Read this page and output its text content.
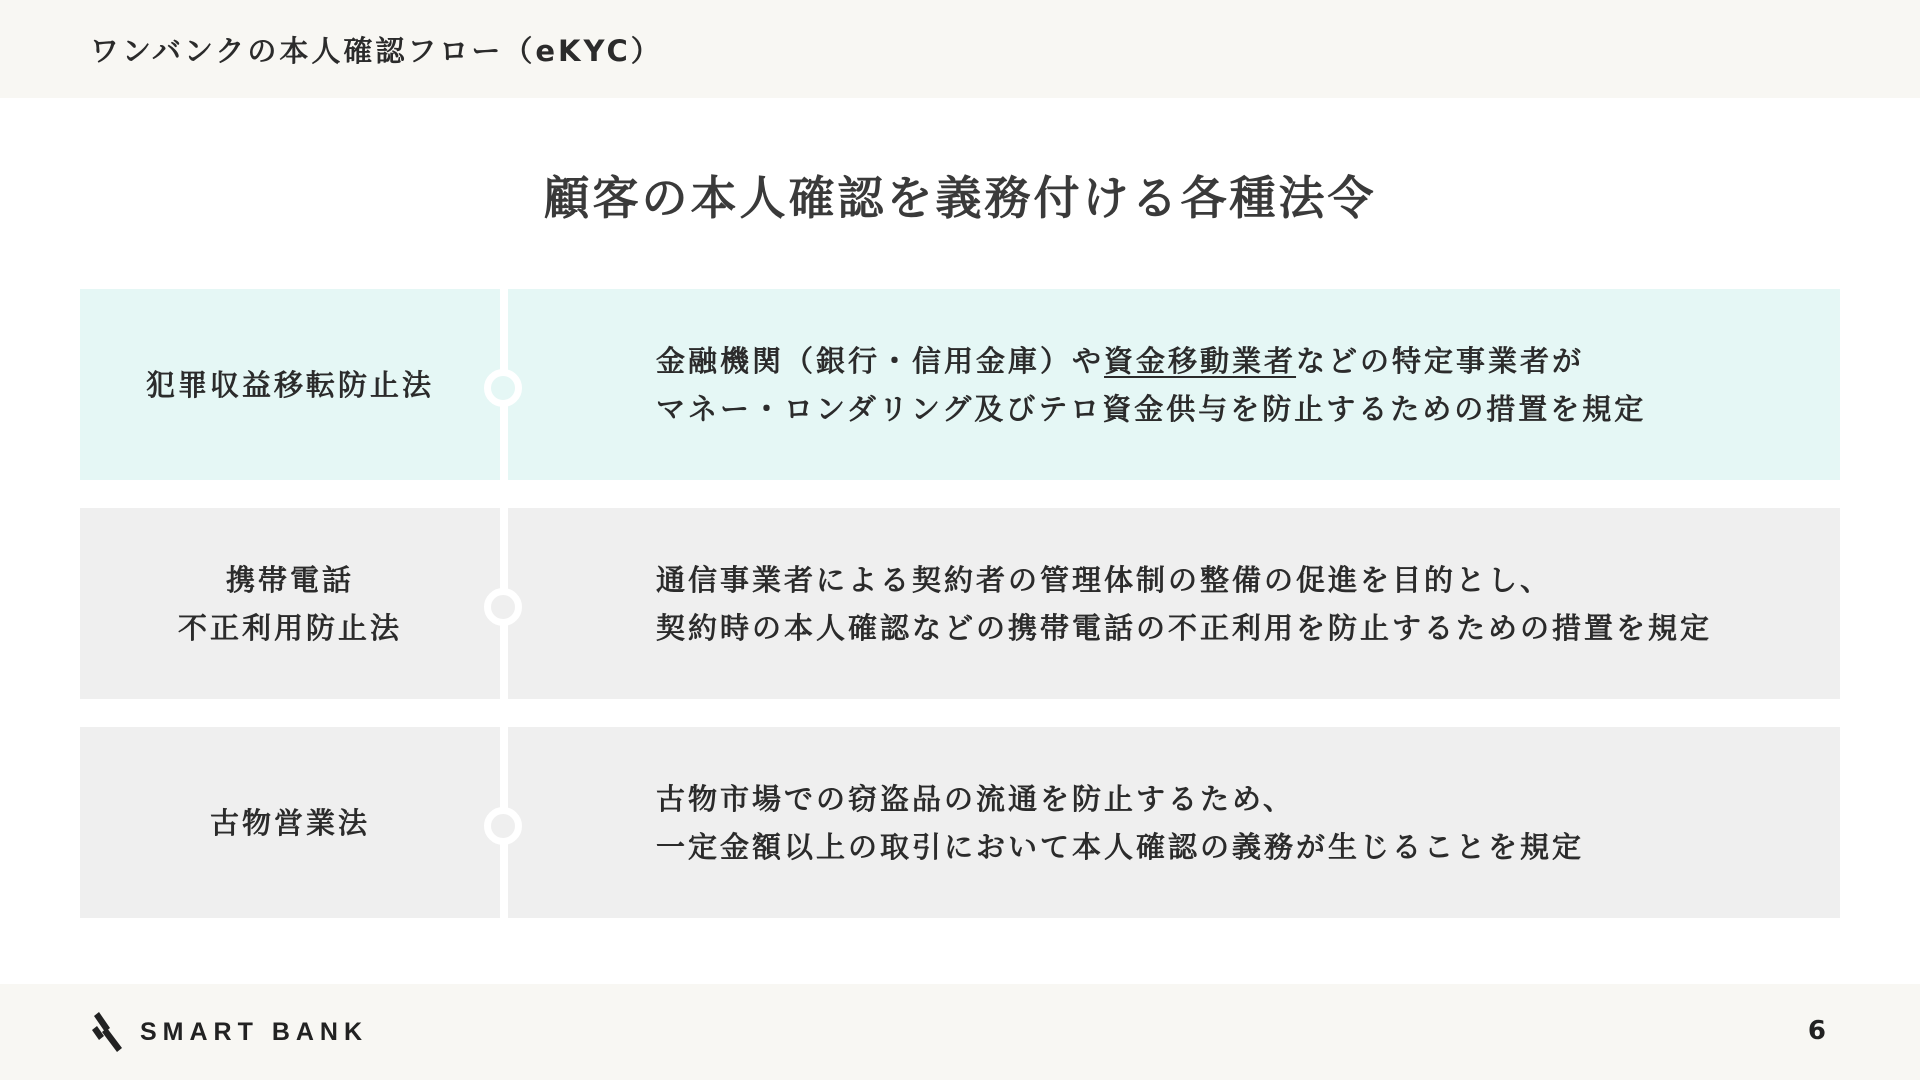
ワンバンクの本人確認フロー（eKYC）
顧客の本人確認を義務付ける各種法令
犯罪収益移転防止法
金融機関（銀行・信用金庫）や資金移動業者などの特定事業者が
マネー・ロンダリング及びテロ資金供与を防止するための措置を規定
携帯電話
不正利用防止法
通信事業者による契約者の管理体制の整備の促進を目的とし、
契約時の本人確認などの携帯電話の不正利用を防止するための措置を規定
古物営業法
古物市場での窃盗品の流通を防止するため、
一定金額以上の取引において本人確認の義務が生じることを規定
SMART BANK	6
